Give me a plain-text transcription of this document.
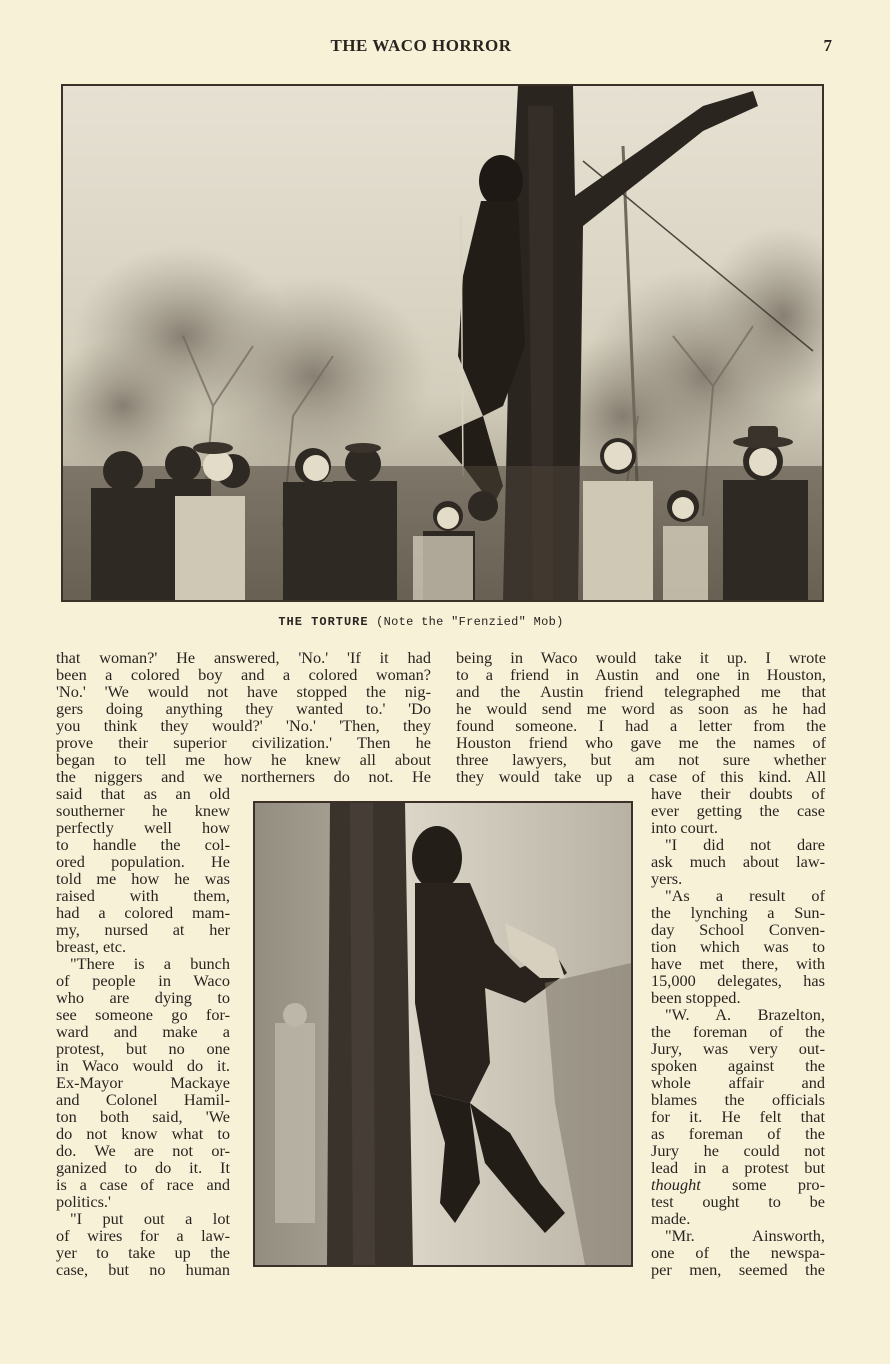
THE WACO HORROR	7
THE TORTURE (Note the "Frenzied" Mob)
that woman?' He answered, 'No.' 'If it had
been a colored boy and a colored woman?
'No.' 'We would not have stopped the nig-
gers doing anything they wanted to.' 'Do
you think they would?' 'No.' 'Then, they
prove their superior civilization.' Then he
began to tell me how he knew all about
the niggers and we northerners do not. He
being in Waco would take it up. I wrote
to a friend in Austin and one in Houston,
and the Austin friend telegraphed me that
he would send me word as soon as he had
found someone. I had a letter from the
Houston friend who gave me the names of
three lawyers, but am not sure whether
they would take up a case of this kind. All
said that as an old
southerner he knew
perfectly well how
to handle the col-
ored population. He
told me how he was
raised with them,
had a colored mam-
my, nursed at her
breast, etc.
"There is a bunch
of people in Waco
who are dying to
see someone go for-
ward and make a
protest, but no one
in Waco would do it.
Ex-Mayor Mackaye
and Colonel Hamil-
ton both said, 'We
do not know what to
do. We are not or-
ganized to do it. It
is a case of race and
politics.'
"I put out a lot
of wires for a law-
yer to take up the
case, but no human
have their doubts of
ever getting the case
into court.
"I did not dare
ask much about law-
yers.
"As a result of
the lynching a Sun-
day School Conven-
tion which was to
have met there, with
15,000 delegates, has
been stopped.
"W. A. Brazelton,
the foreman of the
Jury, was very out-
spoken against the
whole affair and
blames the officials
for it. He felt that
as foreman of the
Jury he could not
lead in a protest but
thought some pro-
test ought to be
made.
"Mr. Ainsworth,
one of the newspa-
per men, seemed the
